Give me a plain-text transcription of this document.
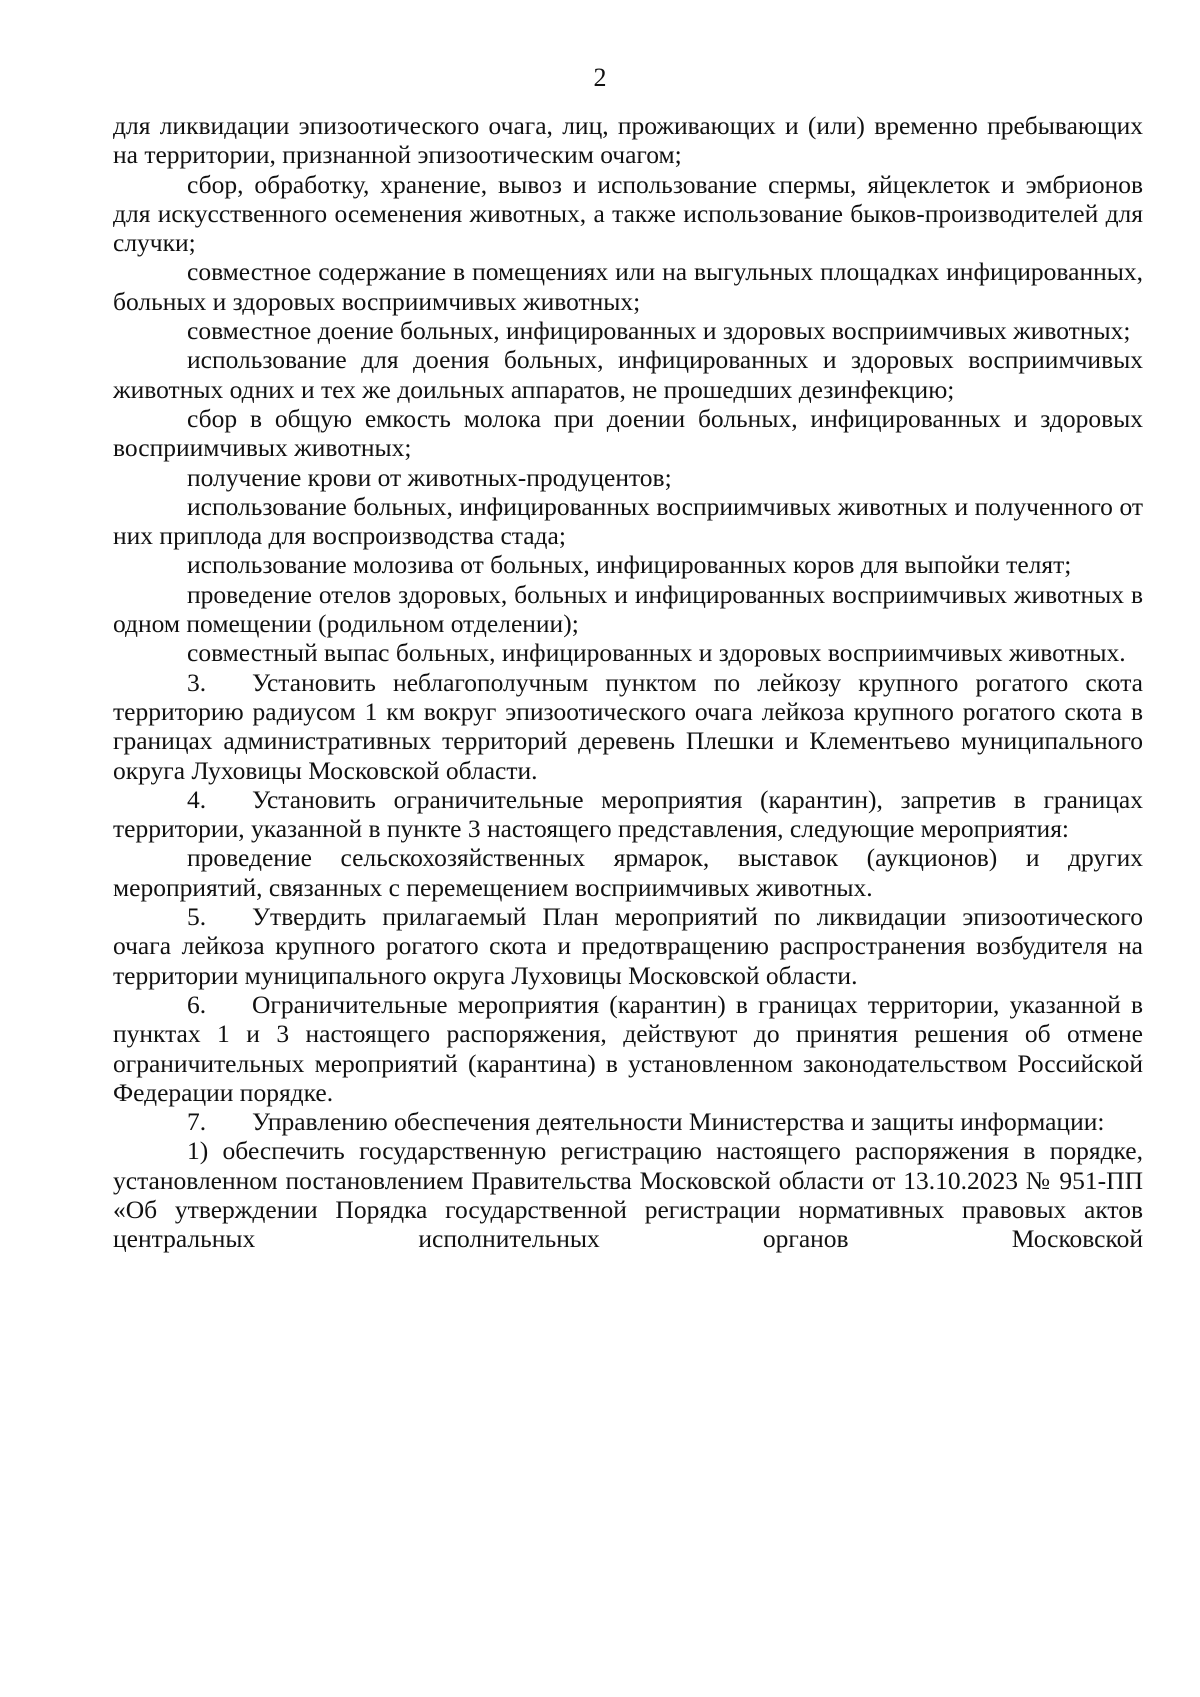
2

для ликвидации эпизоотического очага, лиц, проживающих и (или) временно пребывающих на территории, признанной эпизоотическим очагом;

сбор, обработку, хранение, вывоз и использование спермы, яйцеклеток и эмбрионов для искусственного осеменения животных, а также использование быков-производителей для случки;

совместное содержание в помещениях или на выгульных площадках инфицированных, больных и здоровых восприимчивых животных;

совместное доение больных, инфицированных и здоровых восприимчивых животных;

использование для доения больных, инфицированных и здоровых восприимчивых животных одних и тех же доильных аппаратов, не прошедших дезинфекцию;

сбор в общую емкость молока при доении больных, инфицированных и здоровых восприимчивых животных;

получение крови от животных-продуцентов;

использование больных, инфицированных восприимчивых животных и полученного от них приплода для воспроизводства стада;

использование молозива от больных, инфицированных коров для выпойки телят;

проведение отелов здоровых, больных и инфицированных восприимчивых животных в одном помещении (родильном отделении);

совместный выпас больных, инфицированных и здоровых восприимчивых животных.

3. Установить неблагополучным пунктом по лейкозу крупного рогатого скота территорию радиусом 1 км вокруг эпизоотического очага лейкоза крупного рогатого скота в границах административных территорий деревень Плешки и Клементьево муниципального округа Луховицы Московской области.

4. Установить ограничительные мероприятия (карантин), запретив в границах территории, указанной в пункте 3 настоящего представления, следующие мероприятия:

проведение сельскохозяйственных ярмарок, выставок (аукционов) и других мероприятий, связанных с перемещением восприимчивых животных.

5. Утвердить прилагаемый План мероприятий по ликвидации эпизоотического очага лейкоза крупного рогатого скота и предотвращению распространения возбудителя на территории муниципального округа Луховицы Московской области.

6. Ограничительные мероприятия (карантин) в границах территории, указанной в пунктах 1 и 3 настоящего распоряжения, действуют до принятия решения об отмене ограничительных мероприятий (карантина) в установленном законодательством Российской Федерации порядке.

7. Управлению обеспечения деятельности Министерства и защиты информации:

1) обеспечить государственную регистрацию настоящего распоряжения в порядке, установленном постановлением Правительства Московской области от 13.10.2023 № 951-ПП «Об утверждении Порядка государственной регистрации нормативных правовых актов центральных исполнительных органов Московской
